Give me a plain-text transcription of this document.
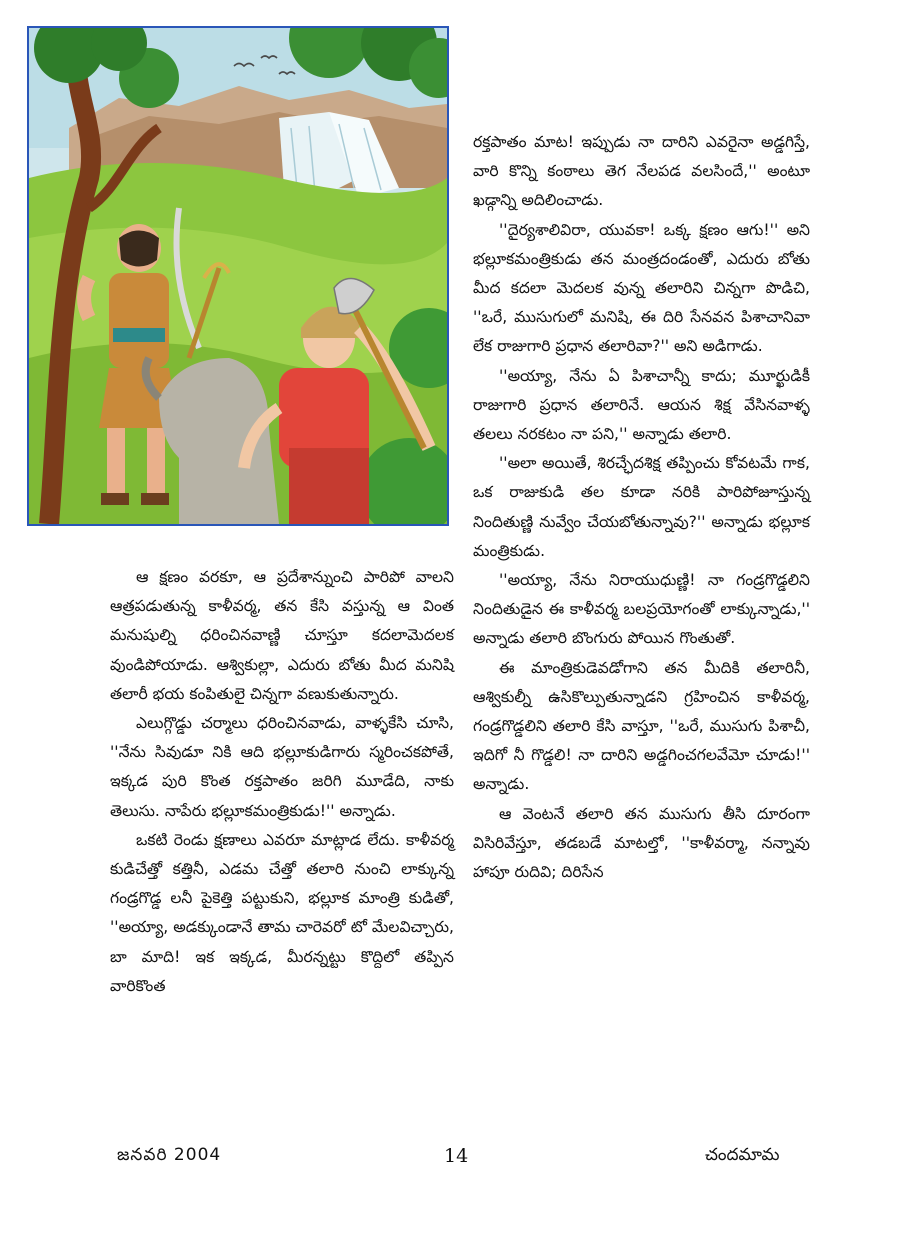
రక్తపాతం మాట! ఇప్పుడు నా దారిని ఎవరైనా అడ్డగిస్తే, వారి కొన్ని కంఠాలు తెగ నేలపడ వలసిందే,'' అంటూ ఖడ్గాన్ని అదిలించాడు.

''దైర్యశాలివిరా, యువకా! ఒక్క క్షణం ఆగు!'' అని భల్లూకమంత్రికుడు తన మంత్రదండంతో, ఎదురు బోతు మీద కదలా మెదలక వున్న తలారిని చిన్నగా పొడిచి, ''ఒరే, ముసుగులో మనిషి, ఈ దిరి సేనవన పిశాచానివా లేక రాజుగారి ప్రధాన తలారివా?'' అని అడిగాడు.

''అయ్యా, నేను ఏ పిశాచాన్నీ కాదు; మూర్ఖుడికీ రాజుగారి ప్రధాన తలారినే. ఆయన శిక్ష వేసినవాళ్ళ తలలు నరకటం నా పని,'' అన్నాడు తలారి.

''అలా అయితే, శిరచ్ఛేదశిక్ష తప్పించు కోవటమే గాక, ఒక రాజుకుడి తల కూడా నరికి పారిపోజూస్తున్న నిందితుణ్ణి నువ్వేం చేయబోతున్నావు?'' అన్నాడు భల్లూక మంత్రికుడు.

''అయ్యా, నేను నిరాయుధుణ్ణి! నా గండ్రగొడ్డలిని నిందితుడైన ఈ కాళీవర్మ బలప్రయోగంతో లాక్కున్నాడు,'' అన్నాడు తలారి బొంగురు పోయిన గొంతుతో.

ఈ మాంత్రికుడెవడోగాని తన మీదికి తలారినీ, ఆశ్వికుల్నీ ఉసికొల్పుతున్నాడని గ్రహించిన కాళీవర్మ, గండ్రగొడ్డలిని తలారి కేసి వాస్తూ, ''ఒరే, ముసుగు పిశాచీ, ఇదిగో నీ గొడ్డలి! నా దారిని అడ్డగించగలవేమో చూడు!'' అన్నాడు.

ఆ వెంటనే తలారి తన ముసుగు తీసి దూరంగా విసిరివేస్తూ, తడబడే మాటల్తో, ''కాళీవర్మా, నన్నావు హాపూ రుదివి; దిరిసేన

ఆ క్షణం వరకూ, ఆ ప్రదేశాన్నుంచి పారిపో వాలని ఆత్రపడుతున్న కాళీవర్మ, తన కేసి వస్తున్న ఆ వింత మనుషుల్ని ధరించినవాణ్ణి చూస్తూ కదలామెదలక వుండిపోయాడు. ఆశ్వికుల్లా, ఎదురు బోతు మీద మనిషి తలారీ భయ కంపితులై చిన్నగా వణుకుతున్నారు.

ఎలుగ్గొడ్డు చర్మాలు ధరించినవాడు, వాళ్ళకేసి చూసి, ''నేను సివుడూ నికి ఆది భల్లూకుడిగారు స్మరించకపోతే, ఇక్కడ పురి కొంత రక్తపాతం జరిగి మూడేది, నాకు తెలుసు. నాపేరు భల్లూకమంత్రికుడు!'' అన్నాడు.

ఒకటి రెండు క్షణాలు ఎవరూ మాట్లాడ లేదు. కాళీవర్మ కుడిచేత్తో కత్తినీ, ఎడమ చేత్తో తలారి నుంచి లాక్కున్న గండ్రగొడ్డ లనీ పైకెత్తి పట్టుకుని, భల్లూక మాంత్రి కుడితో, ''అయ్యా, అడక్కుండానే తామ చారెవరో టో మేలవిచ్చారు, బా మాది! ఇక ఇక్కడ, మీరన్నట్టు కొద్దిలో తప్పిన వారికొంత

జనవరి 2004	14	చందమామ
